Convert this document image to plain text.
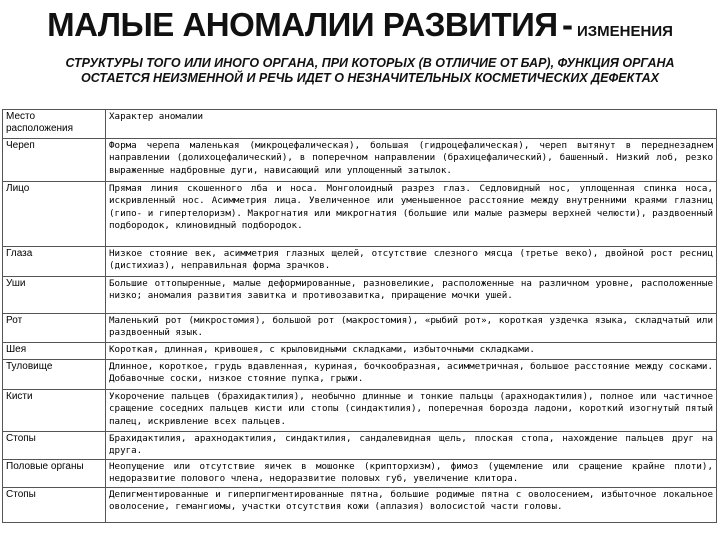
МАЛЫЕ АНОМАЛИИ РАЗВИТИЯ - ИЗМЕНЕНИЯ
СТРУКТУРЫ ТОГО ИЛИ ИНОГО ОРГАНА, ПРИ КОТОРЫХ (В ОТЛИЧИЕ ОТ БАР), ФУНКЦИЯ ОРГАНА ОСТАЕТСЯ НЕИЗМЕННОЙ И РЕЧЬ ИДЕТ О НЕЗНАЧИТЕЛЬНЫХ КОСМЕТИЧЕСКИХ ДЕФЕКТАХ
Место расположения	Характер аномалии
Череп	Форма черепа маленькая (микроцефалическая), большая (гидроцефалическая), череп вытянут в переднезаднем направлении (долихоцефалический), в поперечном направлении (брахицефалический), башенный. Низкий лоб, резко выраженные надбровные дуги, нависающий или уплощенный затылок.
Лицо	Прямая линия скошенного лба и носа. Монголоидный разрез глаз. Седловидный нос, уплощенная спинка носа, искривленный нос. Асимметрия лица. Увеличенное или уменьшенное расстояние между внутренними краями глазниц (гипо- и гипертелоризм). Макрогнатия или микрогнатия (большие или малые размеры верхней челюсти), раздвоенный подбородок, клиновидный подбородок.
Глаза	Низкое стояние век, асимметрия глазных щелей, отсутствие слезного мясца (третье веко), двойной рост ресниц (дистихиаз), неправильная форма зрачков.
Уши	Большие оттопыренные, малые деформированные, разновеликие, расположенные на различном уровне, расположенные низко; аномалия развития завитка и противозавитка, приращение мочки ушей.
Рот	Маленький рот (микростомия), большой рот (макростомия), «рыбий рот», короткая уздечка языка, складчатый или раздвоенный язык.
Шея	Короткая, длинная, кривошея, с крыловидными складками, избыточными складками.
Туловище	Длинное, короткое, грудь вдавленная, куриная, бочкообразная, асимметричная, большое расстояние между сосками. Добавочные соски, низкое стояние пупка, грыжи.
Кисти	Укорочение пальцев (брахидактилия), необычно длинные и тонкие пальцы (арахнодактилия), полное или частичное сращение соседних пальцев кисти или стопы (синдактилия), поперечная борозда ладони, короткий изогнутый пятый палец, искривление всех пальцев.
Стопы	Брахидактилия, арахнодактилия, синдактилия, сандалевидная щель, плоская стопа, нахождение пальцев друг на друга.
Половые органы	Неопущение или отсутствие яичек в мошонке (крипторхизм), фимоз (ущемление или сращение крайне плоти), недоразвитие полового члена, недоразвитие половых губ, увеличение клитора.
Стопы	Депигментированные и гиперпигментированные пятна, большие родимые пятна с оволосением, избыточное локальное оволосение, гемангиомы, участки отсутствия кожи (аплазия) волосистой части головы.
